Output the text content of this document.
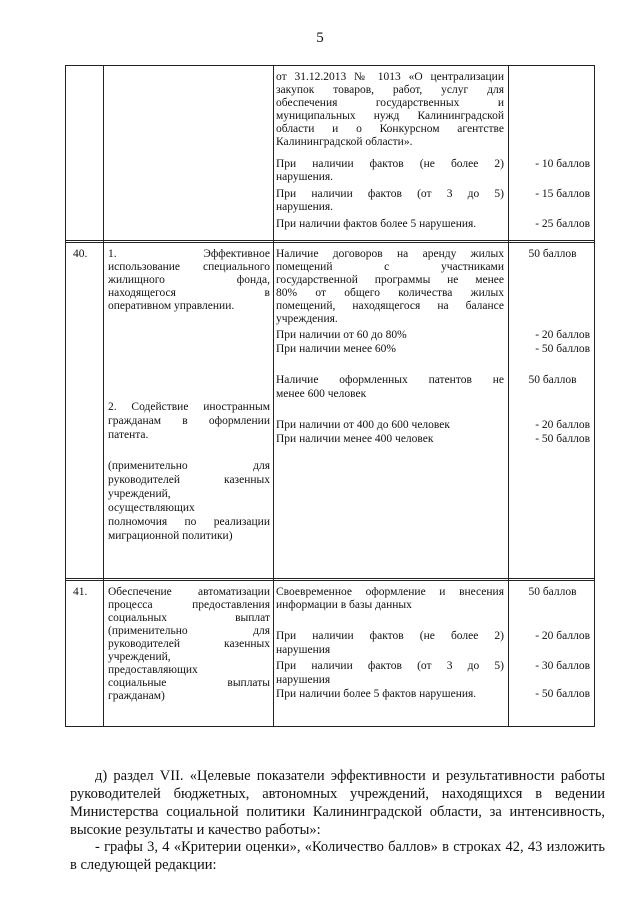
5
от 31.12.2013 № 1013 «О централизации
закупок товаров, работ, услуг для
обеспечения государственных и
муниципальных нужд Калининградской
области и о Конкурсном агентстве
Калининградской области».
При наличии фактов (не более 2)
нарушения.
При наличии фактов (от 3 до 5)
нарушения.
При наличии фактов более 5 нарушения.
- 10 баллов
- 15 баллов
- 25 баллов
40.	1. Эффективное
использование специального
жилищного фонда,
находящегося в
оперативном управлении.
2. Содействие иностранным
гражданам в оформлении
патента.
(применительно для
руководителей казенных
учреждений,
осуществляющих
полномочия по реализации
миграционной политики)
Наличие договоров на аренду жилых
помещений с участниками
государственной программы не менее
80% от общего количества жилых
помещений, находящегося на балансе
учреждения.
При наличии от 60 до 80%
При наличии менее 60%
Наличие оформленных патентов не
менее 600 человек
При наличии от 400 до 600 человек
При наличии менее 400 человек
50 баллов
- 20 баллов
- 50 баллов
50 баллов
- 20 баллов
- 50 баллов
41.	Обеспечение автоматизации
процесса предоставления
социальных выплат
(применительно для
руководителей казенных
учреждений,
предоставляющих
социальные выплаты
гражданам)
Своевременное оформление и внесения
информации в базы данных
При наличии фактов (не более 2)
нарушения
При наличии фактов (от 3 до 5)
нарушения
При наличии более 5 фактов нарушения.
50 баллов
- 20 баллов
- 30 баллов
- 50 баллов
д) раздел VII. «Целевые показатели эффективности и результативности работы руководителей бюджетных, автономных учреждений, находящихся в ведении Министерства социальной политики Калининградской области, за интенсивность, высокие результаты и качество работы»:
- графы 3, 4 «Критерии оценки», «Количество баллов» в строках 42, 43 изложить в следующей редакции:
